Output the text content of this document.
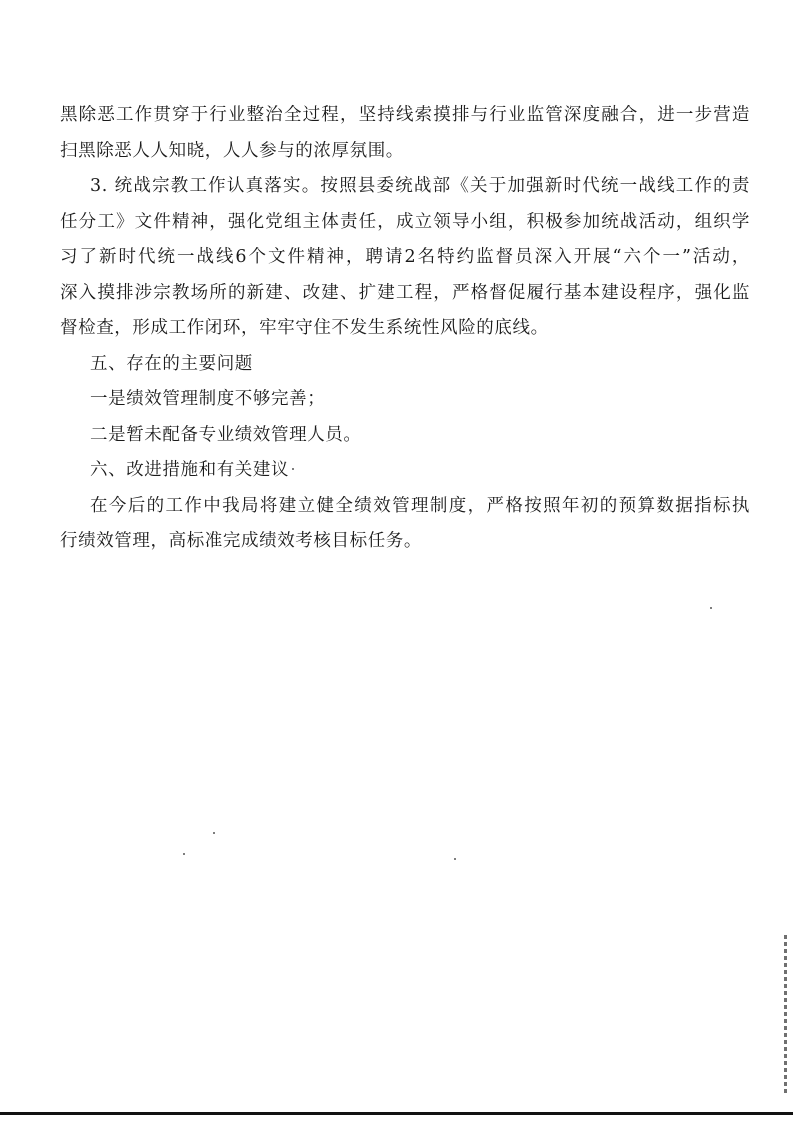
黑除恶工作贯穿于行业整治全过程，坚持线索摸排与行业监管深度融合，进一步营造
扫黑除恶人人知晓，人人参与的浓厚氛围。
3. 统战宗教工作认真落实。按照县委统战部《关于加强新时代统一战线工作的责
任分工》文件精神，强化党组主体责任，成立领导小组，积极参加统战活动，组织学
习了新时代统一战线6个文件精神，聘请2名特约监督员深入开展“六个一”活动，
深入摸排涉宗教场所的新建、改建、扩建工程，严格督促履行基本建设程序，强化监
督检查，形成工作闭环，牢牢守住不发生系统性风险的底线。
五、存在的主要问题
一是绩效管理制度不够完善；
二是暂未配备专业绩效管理人员。
六、改进措施和有关建议
在今后的工作中我局将建立健全绩效管理制度，严格按照年初的预算数据指标执
行绩效管理，高标准完成绩效考核目标任务。
